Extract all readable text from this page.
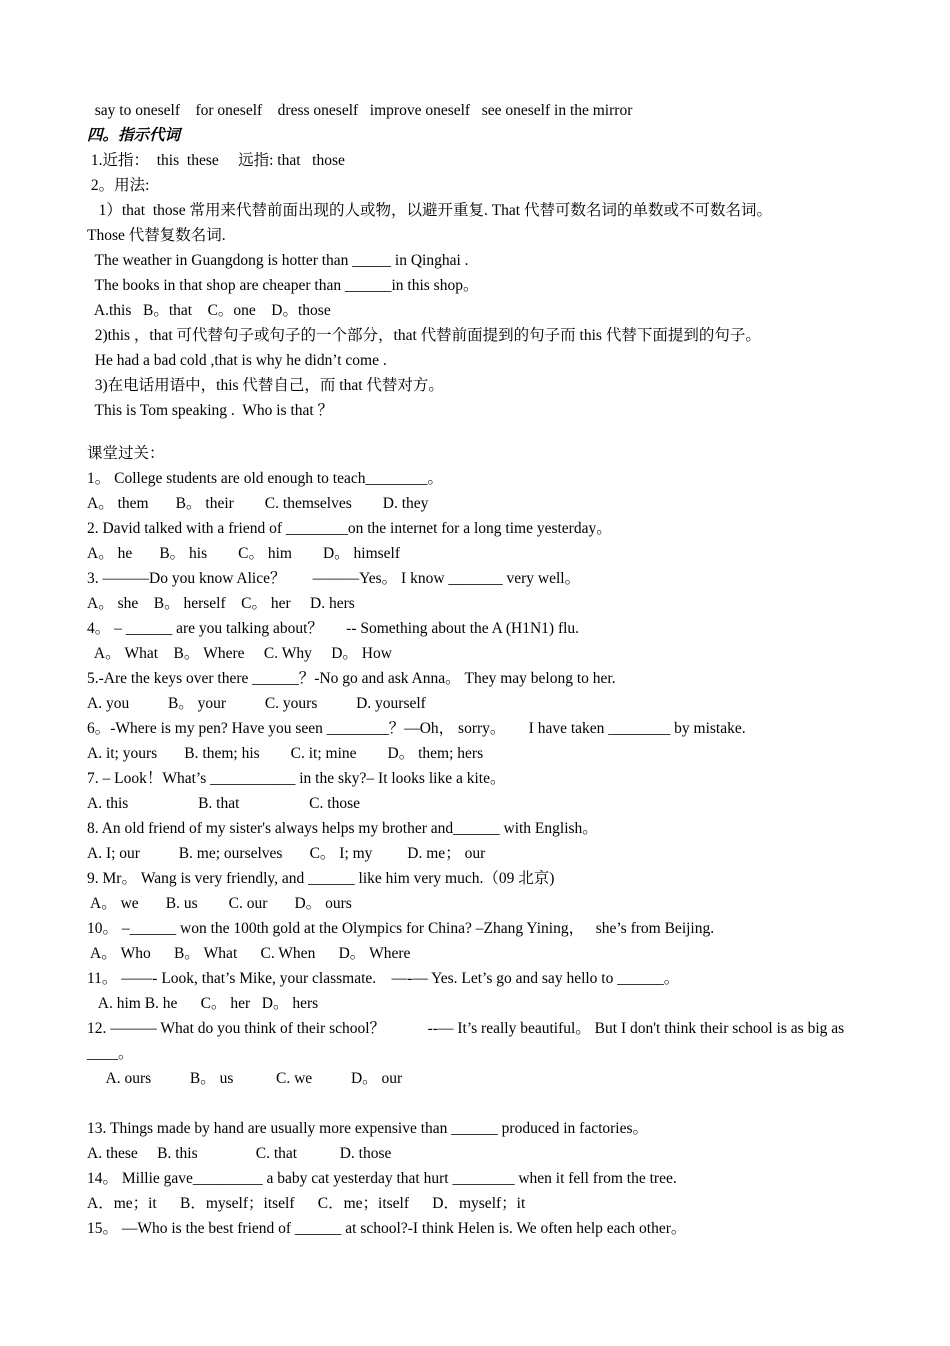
say to oneself    for oneself    dress oneself   improve oneself   see oneself in the mirror
四。指示代词
1.近指：  this  these     远指: that   those
2。用法:
1）that  those 常用来代替前面出现的人或物，以避开重复. That 代替可数名词的单数或不可数名词。
Those 代替复数名词.
The weather in Guangdong is hotter than _____ in Qinghai .
The books in that shop are cheaper than ______in this shop。
A.this   B。that    C。one    D。those
2)this ，that 可代替句子或句子的一个部分，that 代替前面提到的句子而 this 代替下面提到的句子。
He had a bad cold ,that is why he didn’t come .
3)在电话用语中，this 代替自己，而 that 代替对方。
This is Tom speaking .  Who is that ？
课堂过关：
1。 College students are old enough to teach________。
A。 them       B。 their        C. themselves        D. they
2. David talked with a friend of ________on the internet for a long time yesterday。
A。 he       B。 his        C。 him        D。 himself
3. ———Do you know Alice？       ———Yes。 I know _______ very well。
A。 she    B。 herself    C。 her     D. hers
4。 – ______ are you talking about？      -- Something about the A (H1N1) flu.
A。 What    B。 Where     C. Why     D。 How
5.-Are the keys over there ______？-No go and ask Anna。 They may belong to her.
A. you          B。 your          C. yours          D. yourself
6。-Where is my pen? Have you seen ________？—Oh， sorry。      I have taken ________ by mistake.
A. it; yours       B. them; his        C. it; mine        D。 them; hers
7. – Look！What’s ___________ in the sky?– It looks like a kite。
A. this                  B. that                  C. those
8. An old friend of my sister's always helps my brother and______ with English。
A. I; our          B. me; ourselves       C。 I; my         D. me； our
9. Mr。 Wang is very friendly, and ______ like him very much.（09 北京)
A。 we       B. us        C. our       D。 ours
10。 –______ won the 100th gold at the Olympics for China? –Zhang Yining，   she’s from Beijing.
A。 Who      B。 What      C. When      D。 Where
11。 ——- Look, that’s Mike, your classmate.    —-— Yes. Let’s go and say hello to ______。
A. him B. he      C。 her   D。 hers
12. ——— What do you think of their school？           --— It’s really beautiful。 But I don't think their school is as big as ____。
A. ours          B。 us           C. we          D。 our
13. Things made by hand are usually more expensive than ______ produced in factories。
A. these     B. this               C. that           D. those
14。 Millie gave_________ a baby cat yesterday that hurt ________ when it fell from the tree.
A．me；it      B．myself；itself      C．me；itself      D．myself；it
15。 —Who is the best friend of ______ at school?-I think Helen is. We often help each other。
